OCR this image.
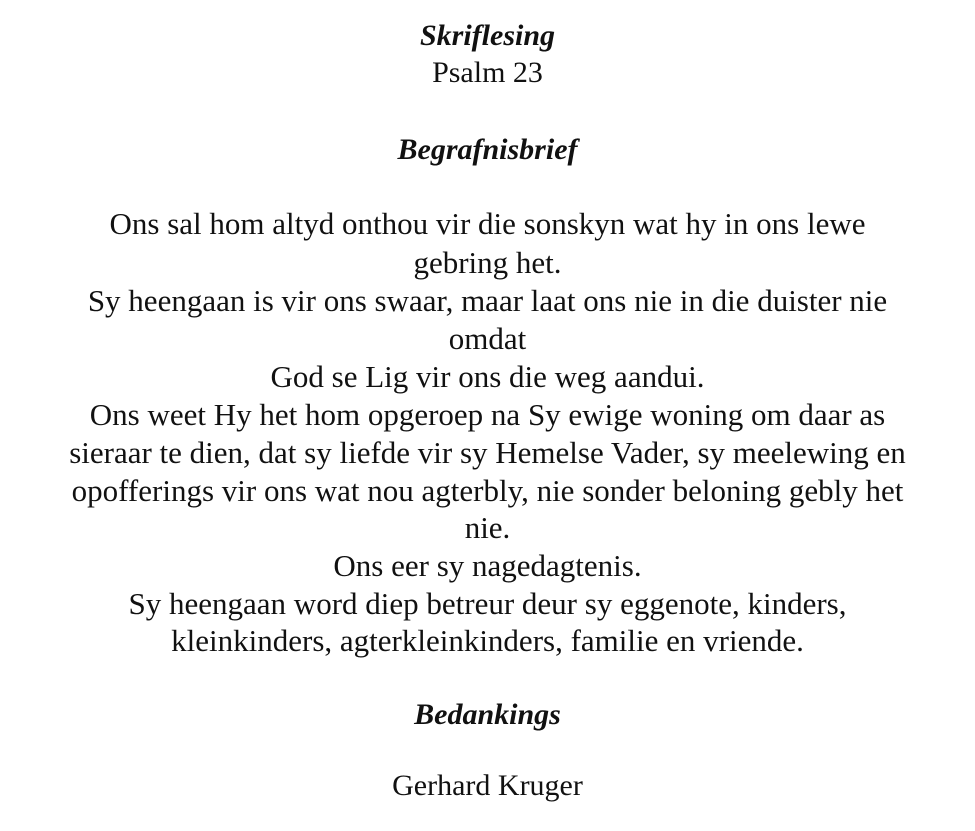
Skriflesing

Psalm 23

Begrafnisbrief

Ons sal hom altyd onthou vir die sonskyn wat hy in ons lewe

gebring het.

Sy heengaan is vir ons swaar, maar laat ons nie in die duister nie

omdat

God se Lig vir ons die weg aandui.

Ons weet Hy het hom opgeroep na Sy ewige woning om daar as

sieraar te dien, dat sy liefde vir sy Hemelse Vader, sy meelewing en

opofferings vir ons wat nou agterbly, nie sonder beloning gebly het

nie.

Ons eer sy nagedagtenis.

Sy heengaan word diep betreur deur sy eggenote, kinders,

kleinkinders, agterkleinkinders, familie en vriende.

Bedankings

Gerhard Kruger
